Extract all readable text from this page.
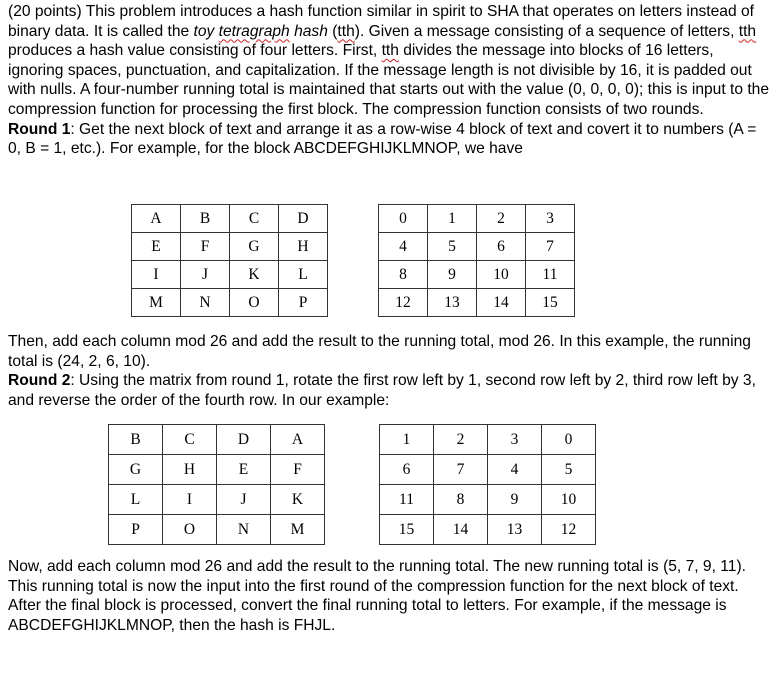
(20 points) This problem introduces a hash function similar in spirit to SHA that operates on letters instead of binary data. It is called the toy tetragraph hash (tth). Given a message consisting of a sequence of letters, tth produces a hash value consisting of four letters. First, tth divides the message into blocks of 16 letters, ignoring spaces, punctuation, and capitalization. If the message length is not divisible by 16, it is padded out with nulls. A four-number running total is maintained that starts out with the value (0, 0, 0, 0); this is input to the compression function for processing the first block. The compression function consists of two rounds.
Round 1: Get the next block of text and arrange it as a row-wise 4 block of text and covert it to numbers (A = 0, B = 1, etc.). For example, for the block ABCDEFGHIJKLMNOP, we have

A	B	C	D
E	F	G	H
I	J	K	L
M	N	O	P
0	1	2	3
4	5	6	7
8	9	10	11
12	13	14	15

Then, add each column mod 26 and add the result to the running total, mod 26. In this example, the running total is (24, 2, 6, 10).
Round 2: Using the matrix from round 1, rotate the first row left by 1, second row left by 2, third row left by 3, and reverse the order of the fourth row. In our example:

B	C	D	A
G	H	E	F
L	I	J	K
P	O	N	M
1	2	3	0
6	7	4	5
11	8	9	10
15	14	13	12

Now, add each column mod 26 and add the result to the running total. The new running total is (5, 7, 9, 11). This running total is now the input into the first round of the compression function for the next block of text. After the final block is processed, convert the final running total to letters. For example, if the message is ABCDEFGHIJKLMNOP, then the hash is FHJL.
